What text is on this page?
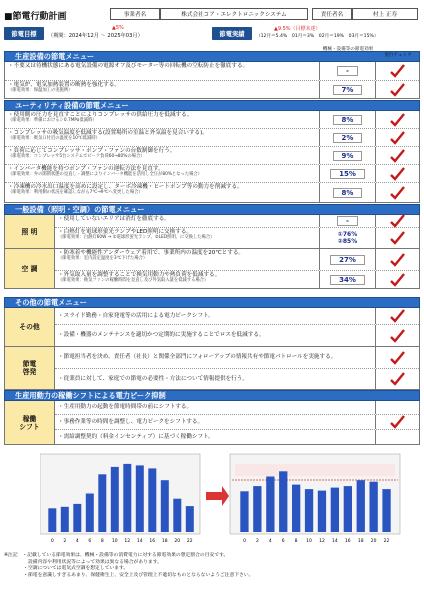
■節電行動計画	事業者名	株式会社コア・エレクトロニックシステム	責任者名	村上 正寿
節電目標
▲5%
（期間：2024年12月 ～ 2025年03月）	節電実績
▲9.5%（目標未達）
（12月＝5.4%　01月＝3%　02月＝19%　03月＝15%）
生産設備の節電メニュー
機械・設備等の節電効果
実行チェック
・不要又は待機状態にある電気設備の電源オフ及びモーター等の回転機の空転防止を徹底する。
-
・電気炉、電気加熱装置の断熱を強化する。
（節電効果：保温加工の実施例）	7%
ユーティリティ設備の節電メニュー
・使用側の圧力を見直すことによりコンプレッサの供給圧力を低減する。
（節電効果：準備におけるシ0.7MPa低減時）	8%
・コンプレッサの吸気温度を低減する(設置場所の室温と外気温を見合いする)。
（節電効果：吸気口付近の温度を10℃低減時）	2%
・負荷に応じてコンプレッサ・ポンプ・ファンの台数制御を行う。
（節電効果：コンプレッサ5台システムでピーク負荷60→80%の場合）	9%
・インバータ機能を持つポンプ・ファンの運転方法を見直す。
（節電効果：弁の開閉状態の見直し・調整によりインバータ機能を活用し全圧が80%となった場合）	15%
・冷凍機の冷水出口温度を高めに設定し、ターボ冷凍機・ヒートポンプ等の動力を削減する。
（節電効果：利用側の状況を確認しながら7℃→9℃へ変更した場合）	8%
一般設備（照明・空調）の節電メニュー
照 明
・使用していないエリアは消灯を徹底する。	-
・白熱灯を電球形蛍光ランプやLED照明に交換する。
（節電効果：白熱灯60W → ①電球形蛍光ランプ、②LED照明、に交換した場合）	①76%
②85%
空 調
・防寒着や機能性アンダーウェア着用で、事業所内の温度を20℃とする。
（節電効果：室内設定温度を3℃下げた場合）	27%
・外気取入量を調整することで換気用動力や熱負荷を低減する。
（節電効果：換気ファンの稼働時間を見直し及び外気取入量を低減する場合）	34%
その他の節電メニュー
その他
・スライド勤務・自家発電等の活用による電力ピークシフト。
・設備・機器のメンテナンスを適切かつ定期的に実施することでロスを低減する。
節電
啓発
・節電担当者を決め、責任者（社長）と関係全部門にフォローアップの情報共有や節電パトロールを実施する。
・従業員に対して、家庭での節電の必要性・方法について情報提供を行う。
生産用動力の稼働シフトによる電力ピーク抑制
稼働
シフト
・生産用動力の起動を節電時間帯の前にシフトする。
・事務作業等の時間を調整し、電力ピークをシフトする。
・需給調整契約（料金インセンティブ）に基づく稼働シフト。
0 2 4 6 8 10 12 14 16 18 20 22	0 2 4 6 8 10 12 14 16 18 20 22
※注記　・記載している節電効果は、機械・設備等の消費電力に対する節電効果の想定割合の目安です。
　　　　　設備内容や利用状況等によって効果は異なる場合があります。
　　　　・空調については電気式空調を想定しています。
　　　　・節電を意識しすぎるあまり、保健衛生上、安全上及び管理上不適切なものとならないようご注意下さい。
